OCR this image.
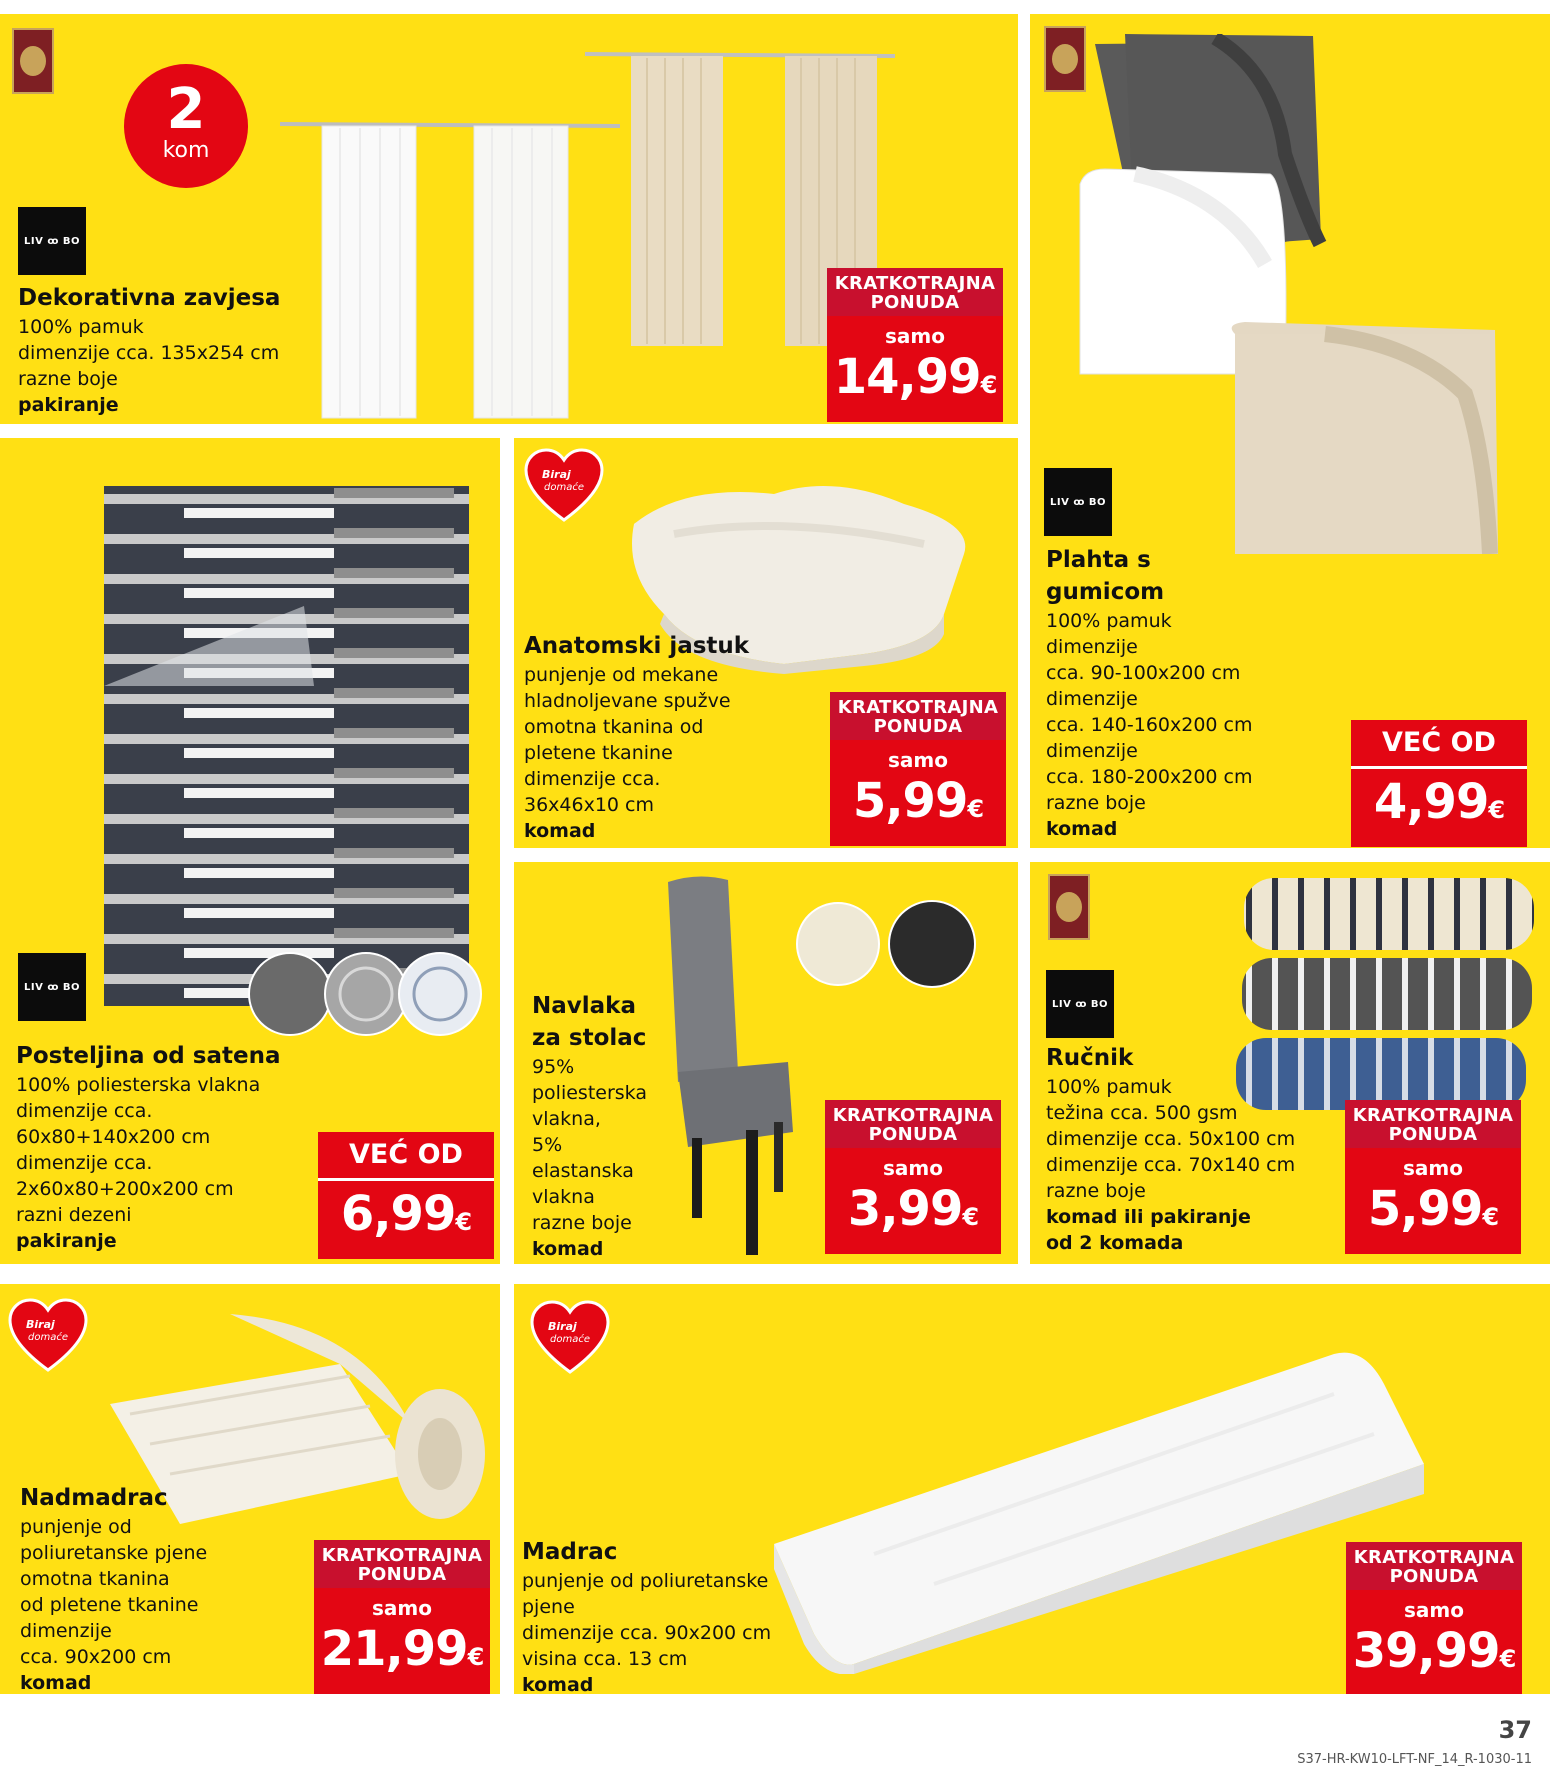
2
kom
LIV ꝏ BO
Dekorativna zavjesa
100% pamuk
dimenzije cca. 135x254 cm
razne boje
pakiranje
KRATKOTRAJNA
PONUDA
samo
14,99€
LIV ꝏ BO
Plahta s
gumicom
100% pamuk
dimenzije
cca. 90-100x200 cm
dimenzije
cca. 140-160x200 cm
dimenzije
cca. 180-200x200 cm
razne boje
komad
VEĆ OD
4,99€
LIV ꝏ BO
Posteljina od satena
100% poliesterska vlakna
dimenzije cca.
60x80+140x200 cm
dimenzije cca.
2x60x80+200x200 cm
razni dezeni
pakiranje
VEĆ OD
6,99€
Biraj
domaće
Anatomski jastuk
punjenje od mekane
hladnoljevane spužve
omotna tkanina od
pletene tkanine
dimenzije cca.
36x46x10 cm
komad
KRATKOTRAJNA
PONUDA
samo
5,99€
Navlaka
za stolac
95%
poliesterska
vlakna,
5%
elastanska
vlakna
razne boje
komad
KRATKOTRAJNA
PONUDA
samo
3,99€
LIV ꝏ BO
Ručnik
100% pamuk
težina cca. 500 gsm
dimenzije cca. 50x100 cm
dimenzije cca. 70x140 cm
razne boje
komad ili pakiranje
od 2 komada
KRATKOTRAJNA
PONUDA
samo
5,99€
Biraj
domaće
Nadmadrac
punjenje od
poliuretanske pjene
omotna tkanina
od pletene tkanine
dimenzije
cca. 90x200 cm
komad
KRATKOTRAJNA
PONUDA
samo
21,99€
Biraj
domaće
Madrac
punjenje od poliuretanske
pjene
dimenzije cca. 90x200 cm
visina cca. 13 cm
komad
KRATKOTRAJNA
PONUDA
samo
39,99€
37
S37-HR-KW10-LFT-NF_14_R-1030-11
